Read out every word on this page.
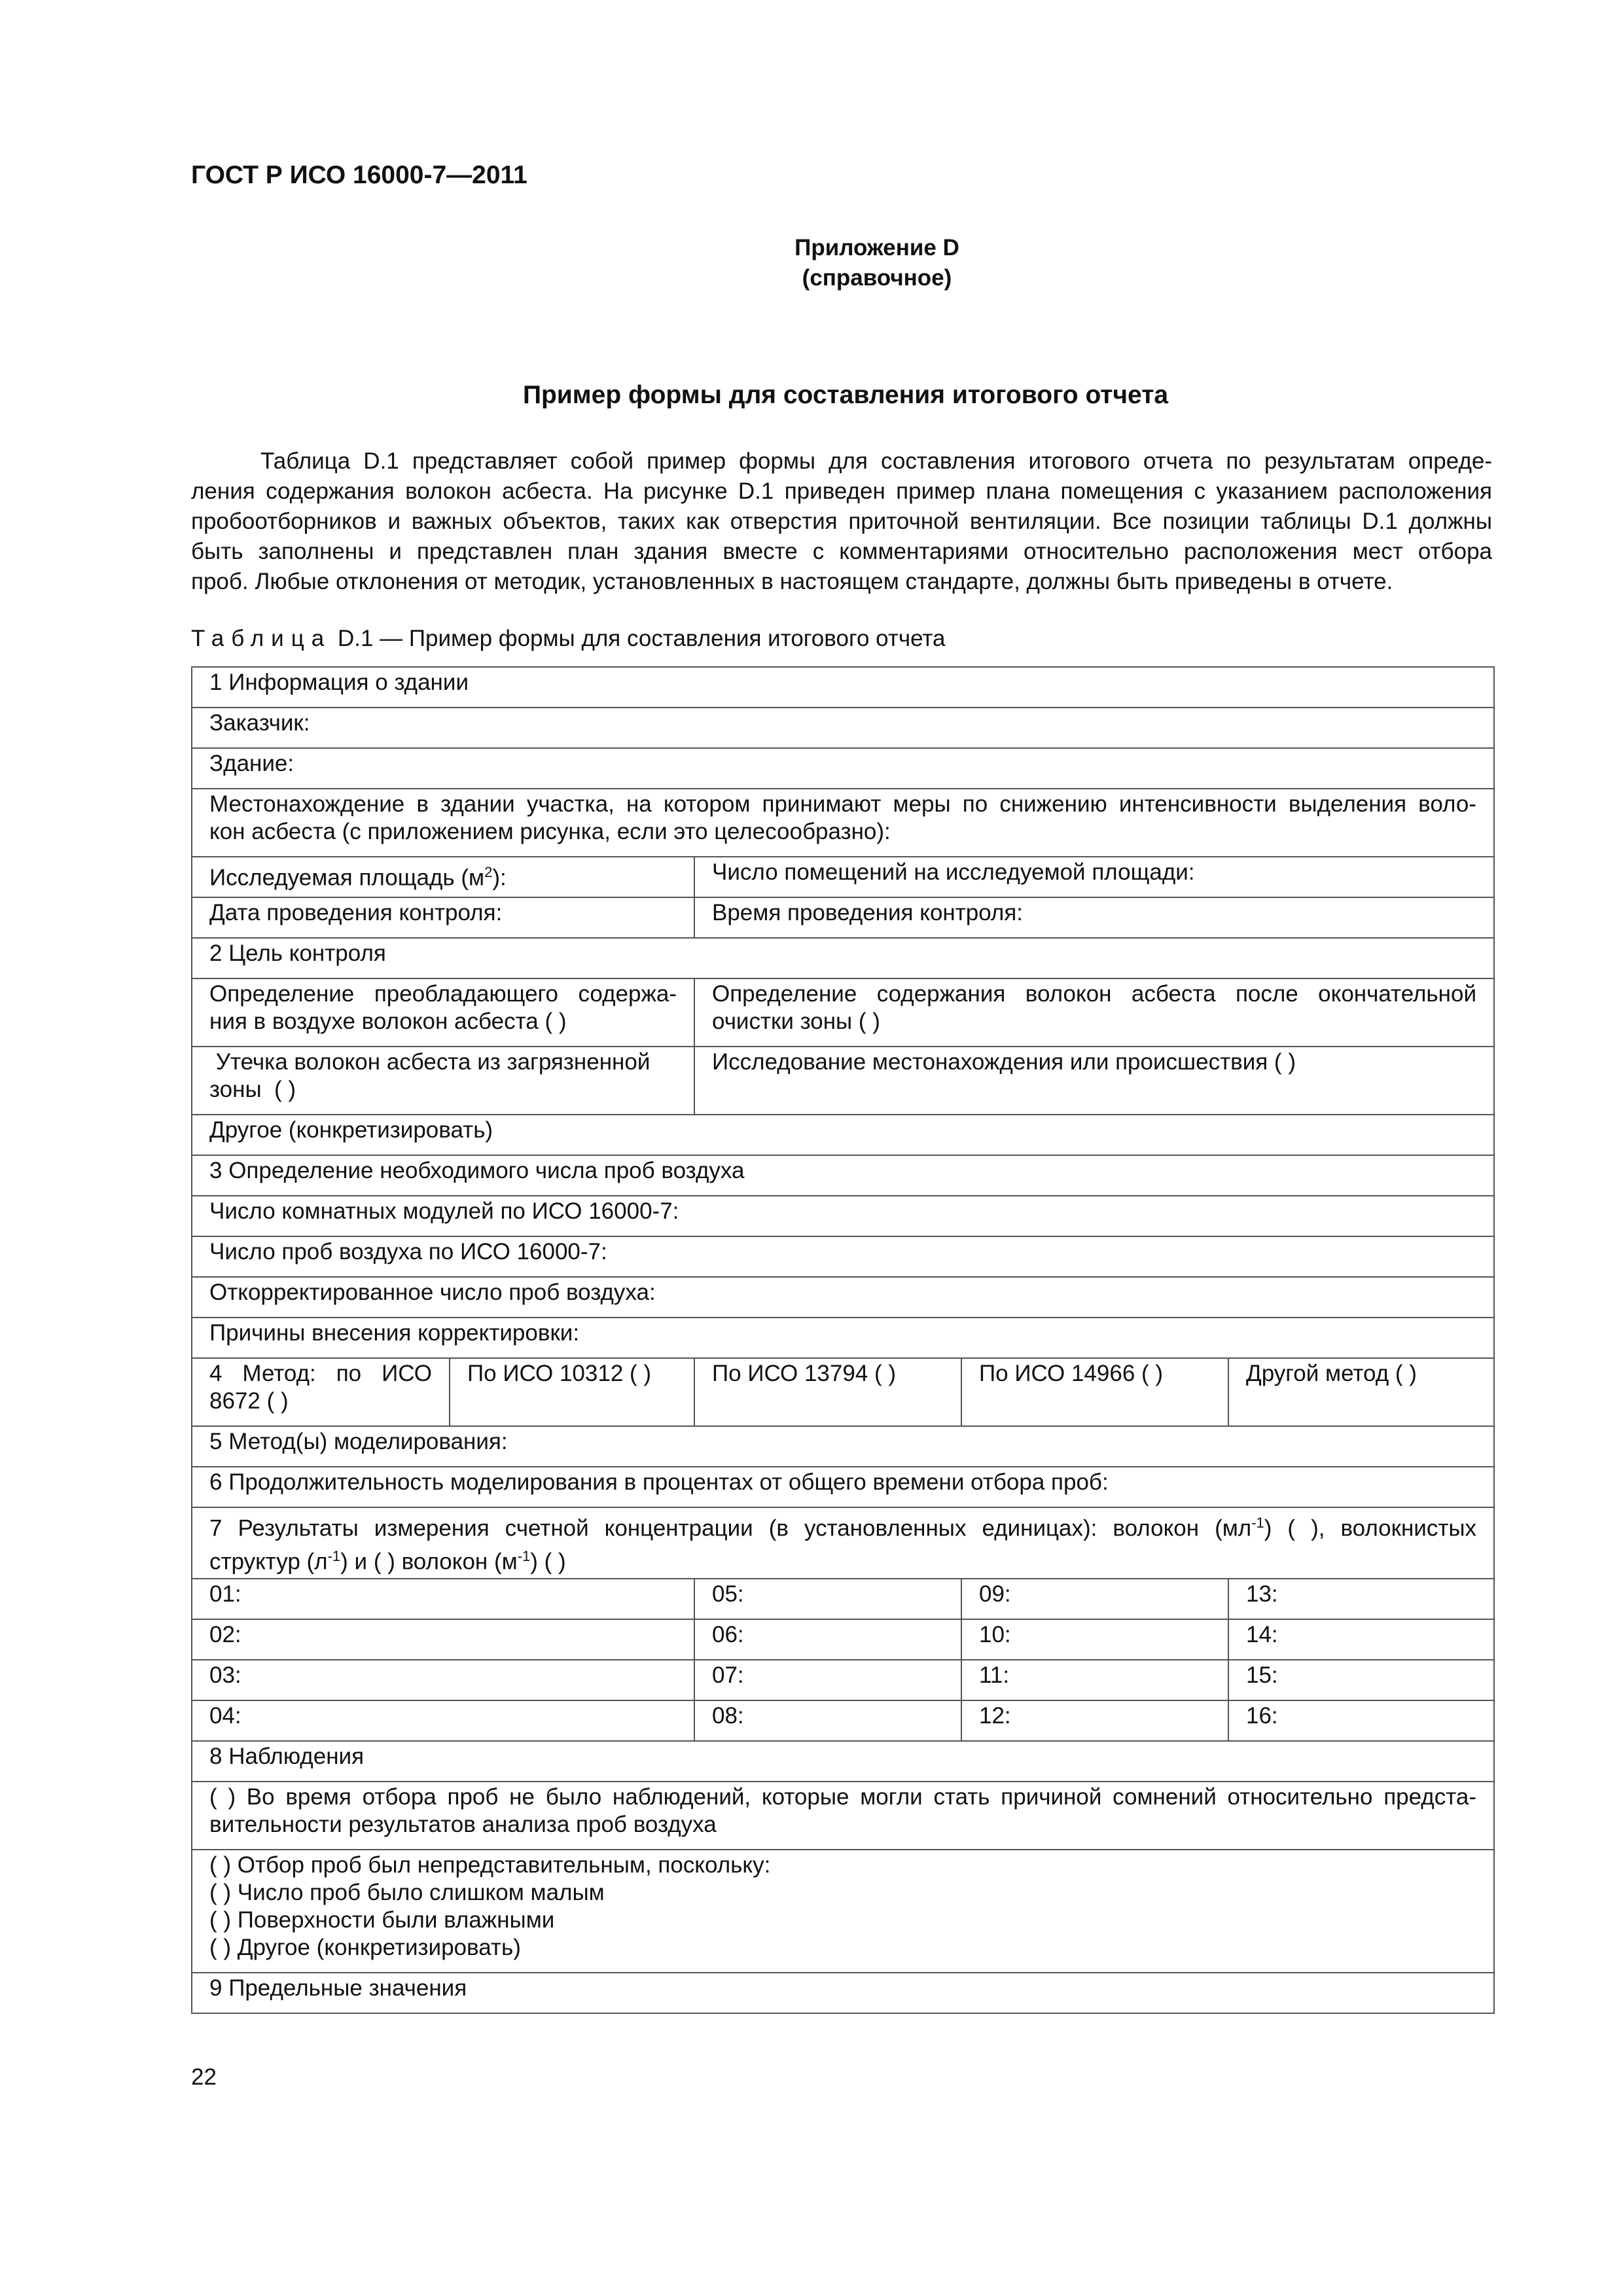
ГОСТ Р ИСО 16000-7—2011
Приложение D
(справочное)
Пример формы для составления итогового отчета
Таблица D.1 представляет собой пример формы для составления итогового отчета по результатам опреде-
ления содержания волокон асбеста. На рисунке D.1 приведен пример плана помещения с указанием расположения
пробоотборников и важных объектов, таких как отверстия приточной вентиляции. Все позиции таблицы D.1 должны
быть заполнены и представлен план здания вместе с комментариями относительно расположения мест отбора
проб. Любые отклонения от методик, установленных в настоящем стандарте, должны быть приведены в отчете.
Таблица D.1 — Пример формы для составления итогового отчета
1 Информация о здании				
Заказчик:				
Здание:				

Местонахождение в здании участка, на котором принимают меры по снижению интенсивности выделения воло-
кон асбеста (с приложением рисунка, если это целесообразно):				
Исследуемая площадь $(м^2)$:		Число помещений на исследуемой площади:		
Дата проведения контроля:		Время проведения контроля:		
2 Цель контроля				

Определение преобладающего содержа-
ния в воздухе волокон асбеста ( )		Определение содержания волокон асбеста после окончательной
очистки зоны ( )		

Утечка волокон асбеста из загрязненной
зоны  ( )		Исследование местонахождения или происшествия ( )		
Другое (конкретизировать)				
3 Определение необходимого числа проб воздуха				
Число комнатных модулей по ИСО 16000-7:				
Число проб воздуха по ИСО 16000-7:				
Откорректированное число проб воздуха:				
Причины внесения корректировки:				

4 Метод: по ИСО
8672 ( )	По ИСО 10312 ( )	По ИСО 13794 ( )	По ИСО 14966 ( )	Другой метод ( )
5 Метод(ы) моделирования:				
6 Продолжительность моделирования в процентах от общего времени отбора проб:				

7 Результаты измерения счетной концентрации (в установленных единицах): волокон $(мл^{-1})$ ( ), волокнистых
структур $(л^{-1})$ и ( ) волокон $(м^{-1})$ ( )				
01:		05:	09:	13:
02:		06:	10:	14:
03:		07:	11:	15:
04:		08:	12:	16:
8 Наблюдения				

( ) Во время отбора проб не было наблюдений, которые могли стать причиной сомнений относительно предста-
вительности результатов анализа проб воздуха				

( ) Отбор проб был непредставительным, поскольку:
( ) Число проб было слишком малым
( ) Поверхности были влажными
( ) Другое (конкретизировать)				

9 Предельные значения				
22
